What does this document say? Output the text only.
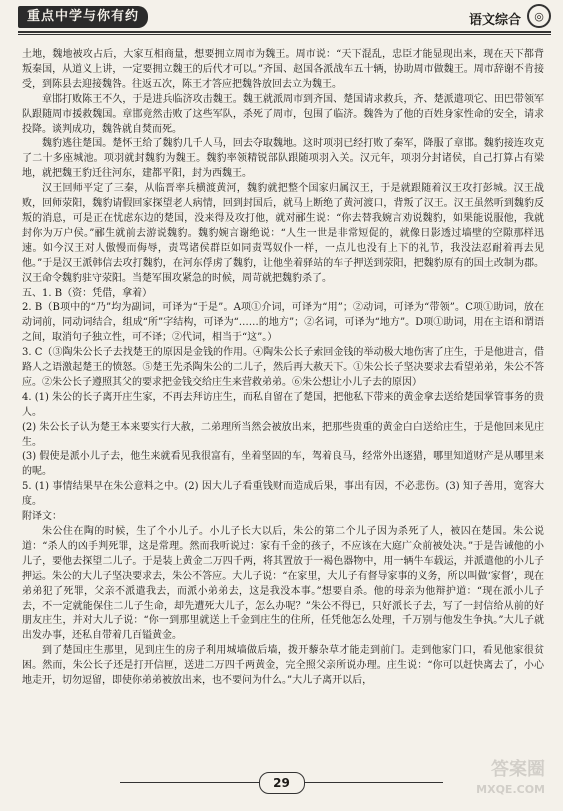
重点中学与你有约	语文综合	◎

土地，魏地被攻占后，大家互相商量，想要拥立周市为魏王。周市说：“天下混乱，忠臣才能显现出来，现在天下都背叛秦国，从道义上讲，一定要拥立魏王的后代才可以。”齐国、赵国各派战车五十辆，协助周市做魏王。周市辞谢不肯接受，到陈县去迎接魏咎。往返五次，陈王才答应把魏咎放回去立为魏王。

章邯打败陈王不久，于是进兵临济攻击魏王。魏王就派周市到齐国、楚国请求救兵，齐、楚派遣项它、田巴带领军队跟随周市援救魏国。章邯竟然击败了这些军队，杀死了周市，包围了临济。魏咎为了他的百姓身家性命的安全，请求投降。谈判成功，魏咎就自焚而死。

魏豹逃往楚国。楚怀王给了魏豹几千人马，回去夺取魏地。这时项羽已经打败了秦军，降服了章邯。魏豹接连攻克了二十多座城池。项羽就封魏豹为魏王。魏豹率领精锐部队跟随项羽入关。汉元年，项羽分封诸侯，自己打算占有梁地，就把魏王豹迁往河东，建都平阳，封为西魏王。

汉王回师平定了三秦，从临晋率兵横渡黄河，魏豹就把整个国家归属汉王，于是就跟随着汉王攻打彭城。汉王战败，回师荥阳，魏豹请假回家探望老人病情，回到封国后，就马上断绝了黄河渡口，背叛了汉王。汉王虽然听到魏豹反叛的消息，可是正在忧虑东边的楚国，没来得及攻打他，就对郦生说：“你去替我婉言劝说魏豹，如果能说服他，我就封你为万户侯。”郦生就前去游说魏豹。魏豹婉言谢绝说：“人生一世是非常短促的，就像日影透过墙壁的空隙那样迅速。如今汉王对人傲慢而侮辱，责骂诸侯群臣如同责骂奴仆一样，一点儿也没有上下的礼节，我没法忍耐着再去见他。”于是汉王派韩信去攻打魏豹，在河东俘虏了魏豹，让他坐着驿站的车子押送到荥阳，把魏豹原有的国土改制为郡。汉王命令魏豹驻守荥阳。当楚军围攻紧急的时候，周苛就把魏豹杀了。

五、1. B（资：凭借，拿着）

2. B（B项中的“乃”均为副词，可译为“于是”。A项①介词，可译为“用”；②动词，可译为“带领”。C项①助词，放在动词前，同动词结合，组成“所”字结构，可译为“……的地方”；②名词，可译为“地方”。D项①助词，用在主语和谓语之间，取消句子独立性，可不译；②代词，相当于“这”。）

3. C（③陶朱公长子去找楚王的原因是金钱的作用。④陶朱公长子索回金钱的举动极大地伤害了庄生，于是他进言，借路人之语激起楚王的愤怒。⑤楚王先杀陶朱公的二儿子，然后再大赦天下。①朱公长子坚决要求去看望弟弟，朱公不答应。②朱公长子遵照其父的要求把金钱交给庄生来营救弟弟。⑥朱公想让小儿子去的原因）

4. (1) 朱公的长子离开庄生家，不再去拜访庄生，而私自留在了楚国，把他私下带来的黄金拿去送给楚国掌管事务的贵人。

(2) 朱公长子认为楚王本来要实行大赦，二弟理所当然会被放出来，把那些贵重的黄金白白送给庄生，于是他回来见庄生。

(3) 假使是派小儿子去，他生来就看见我很富有，坐着坚固的车，驾着良马，经常外出逐猎，哪里知道财产是从哪里来的呢。

5. (1) 事情结果早在朱公意料之中。(2) 因大儿子看重钱财而造成后果，事出有因，不必悲伤。(3) 知子善用，宽容大度。

附译文：

朱公住在陶的时候，生了个小儿子。小儿子长大以后，朱公的第二个儿子因为杀死了人，被囚在楚国。朱公说道：“杀人的凶手判死罪，这是常理。然而我听说过：家有千金的孩子，不应该在大庭广众前被处决。”于是告诫他的小儿子，要他去探望二儿子。于是装上黄金二万四千两，将其置放于一褐色器物中，用一辆牛车载运，并派遣他的小儿子押运。朱公的大儿子坚决要求去，朱公不答应。大儿子说：“在家里，大儿子有督导家事的义务，所以叫做‘家督’，现在弟弟犯了死罪，父亲不派遣我去，而派小弟弟去，这是我没本事。”想要自杀。他的母亲为他辩护道：“现在派小儿子去，不一定就能保住二儿子生命，却先遭死大儿子，怎么办呢？”朱公不得已，只好派长子去，写了一封信给从前的好朋友庄生，并对大儿子说：“你一到那里就送上千金到庄生的住所，任凭他怎么处理，千万别与他发生争执。”大儿子就出发办事，还私自带着几百镒黄金。

到了楚国庄生那里，见到庄生的房子利用城墙做后墙，拨开藜杂草才能走到前门。走到他家门口，看见他家很贫困。然而，朱公长子还是打开信匣，送进二万四千两黄金，完全照父亲所说办理。庄生说：“你可以赶快离去了，小心地走开，切勿逗留，即使你弟弟被放出来，也不要问为什么。”大儿子离开以后，

29
答案圈
MXQE.COM
